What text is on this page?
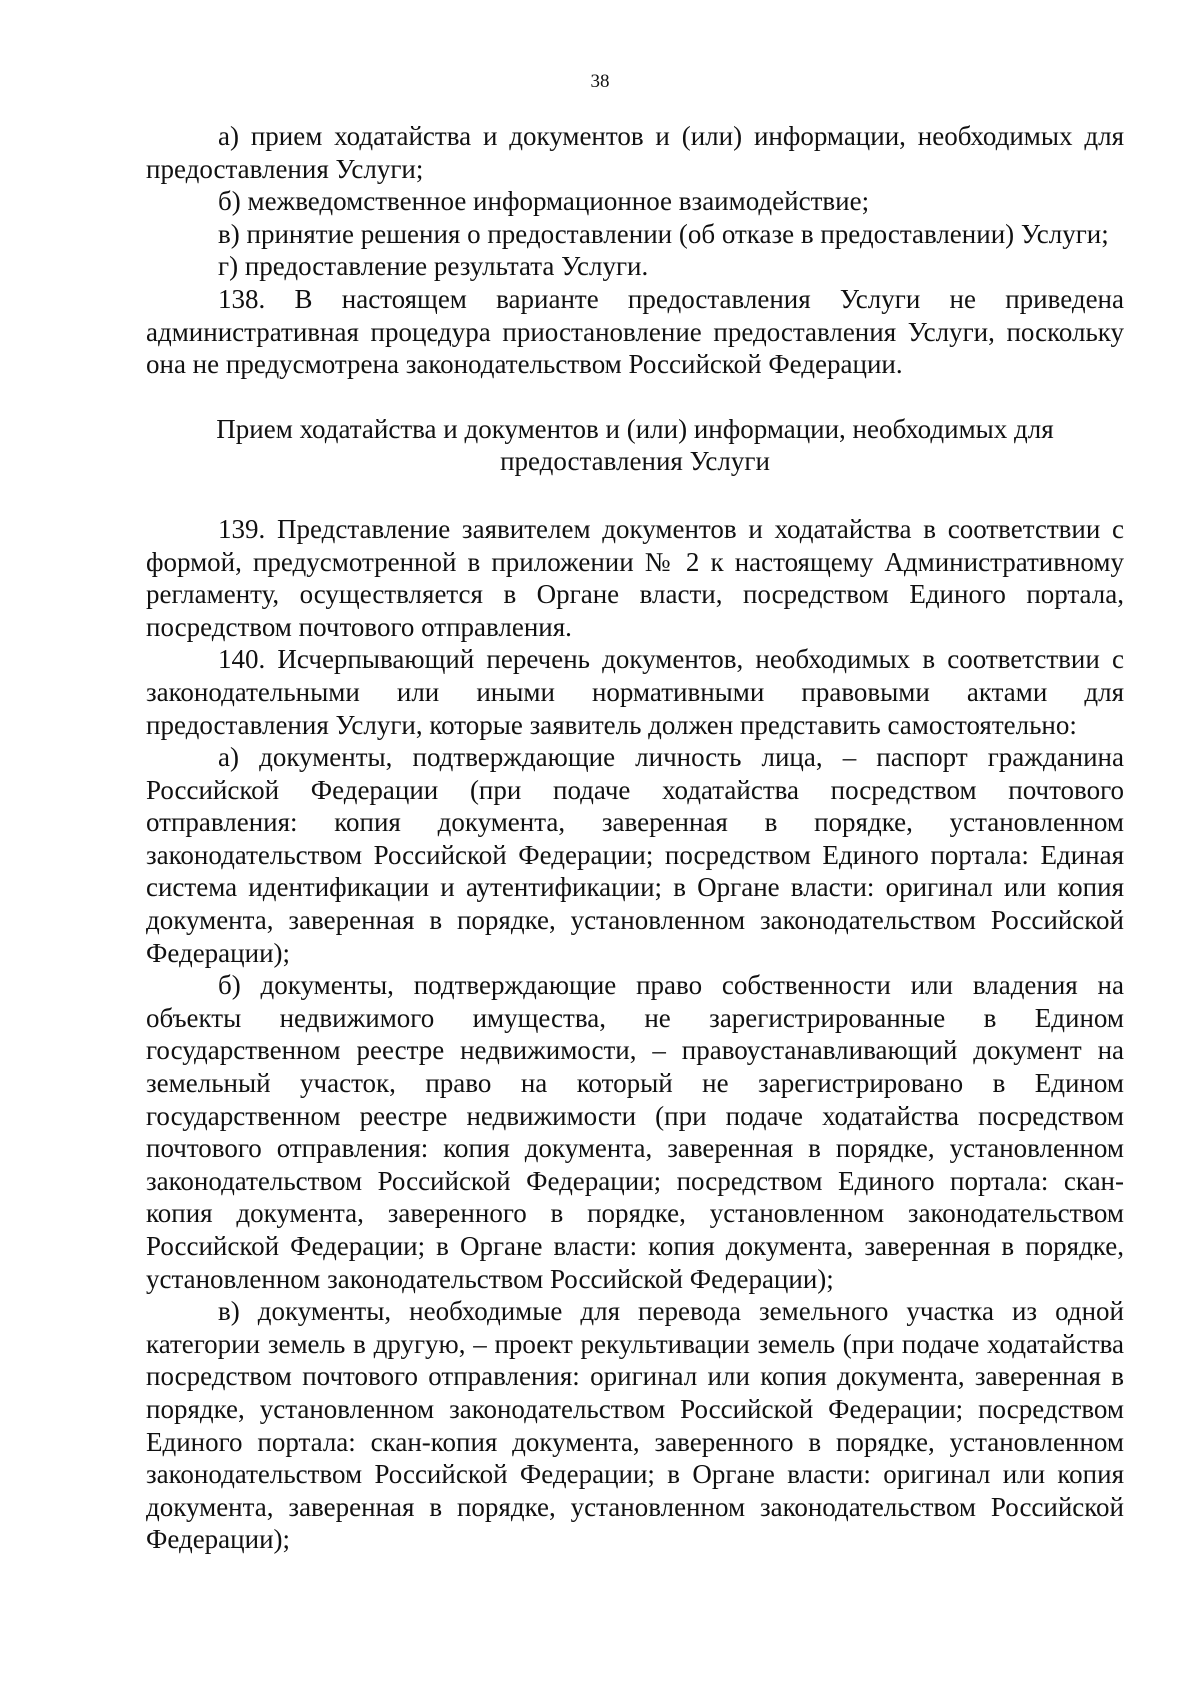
38

а) прием ходатайства и документов и (или) информации, необходимых для предоставления Услуги;

б) межведомственное информационное взаимодействие;

в) принятие решения о предоставлении (об отказе в предоставлении) Услуги;

г) предоставление результата Услуги.

138. В настоящем варианте предоставления Услуги не приведена административная процедура приостановление предоставления Услуги, поскольку она не предусмотрена законодательством Российской Федерации.

Прием ходатайства и документов и (или) информации, необходимых для
предоставления Услуги

139. Представление заявителем документов и ходатайства в соответствии с формой, предусмотренной в приложении № 2 к настоящему Административному регламенту, осуществляется в Органе власти, посредством Единого портала, посредством почтового отправления.

140. Исчерпывающий перечень документов, необходимых в соответствии с законодательными или иными нормативными правовыми актами для предоставления Услуги, которые заявитель должен представить самостоятельно:

а) документы, подтверждающие личность лица, – паспорт гражданина Российской Федерации (при подаче ходатайства посредством почтового отправления: копия документа, заверенная в порядке, установленном законодательством Российской Федерации; посредством Единого портала: Единая система идентификации и аутентификации; в Органе власти: оригинал или копия документа, заверенная в порядке, установленном законодательством Российской Федерации);

б) документы, подтверждающие право собственности или владения на объекты недвижимого имущества, не зарегистрированные в Едином государственном реестре недвижимости, – правоустанавливающий документ на земельный участок, право на который не зарегистрировано в Едином государственном реестре недвижимости (при подаче ходатайства посредством почтового отправления: копия документа, заверенная в порядке, установленном законодательством Российской Федерации; посредством Единого портала: скан-копия документа, заверенного в порядке, установленном законодательством Российской Федерации; в Органе власти: копия документа, заверенная в порядке, установленном законодательством Российской Федерации);

в) документы, необходимые для перевода земельного участка из одной категории земель в другую, – проект рекультивации земель (при подаче ходатайства посредством почтового отправления: оригинал или копия документа, заверенная в порядке, установленном законодательством Российской Федерации; посредством Единого портала: скан-копия документа, заверенного в порядке, установленном законодательством Российской Федерации; в Органе власти: оригинал или копия документа, заверенная в порядке, установленном законодательством Российской Федерации);
